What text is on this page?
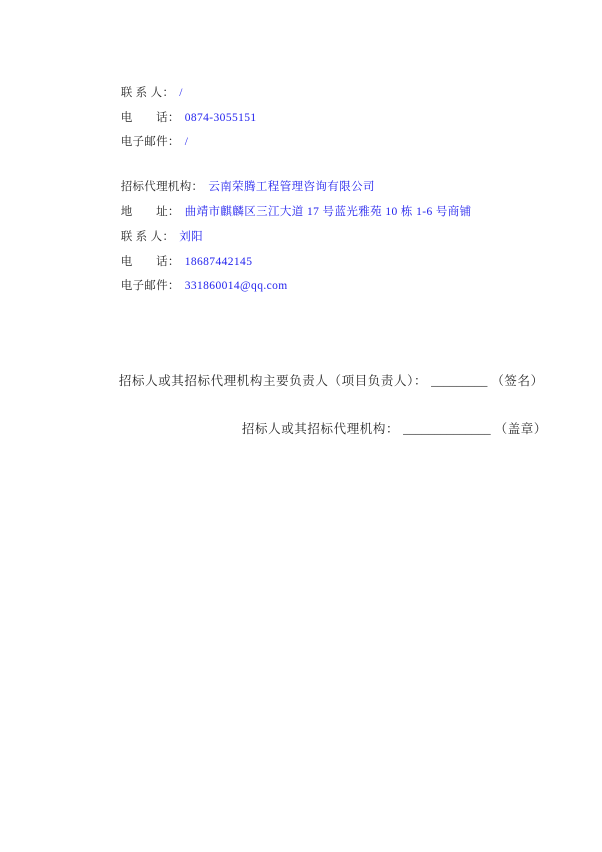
联 系 人： /

电　　话： 0874-3055151

电子邮件： /

招标代理机构： 云南荣腾工程管理咨询有限公司

地　　址： 曲靖市麒麟区三江大道 17 号蓝光雅苑 10 栋 1-6 号商铺

联 系 人： 刘阳

电　　话： 18687442145

电子邮件： 331860014@qq.com

招标人或其招标代理机构主要负责人（项目负责人）： _________ （签名）

招标人或其招标代理机构： ______________ （盖章）
